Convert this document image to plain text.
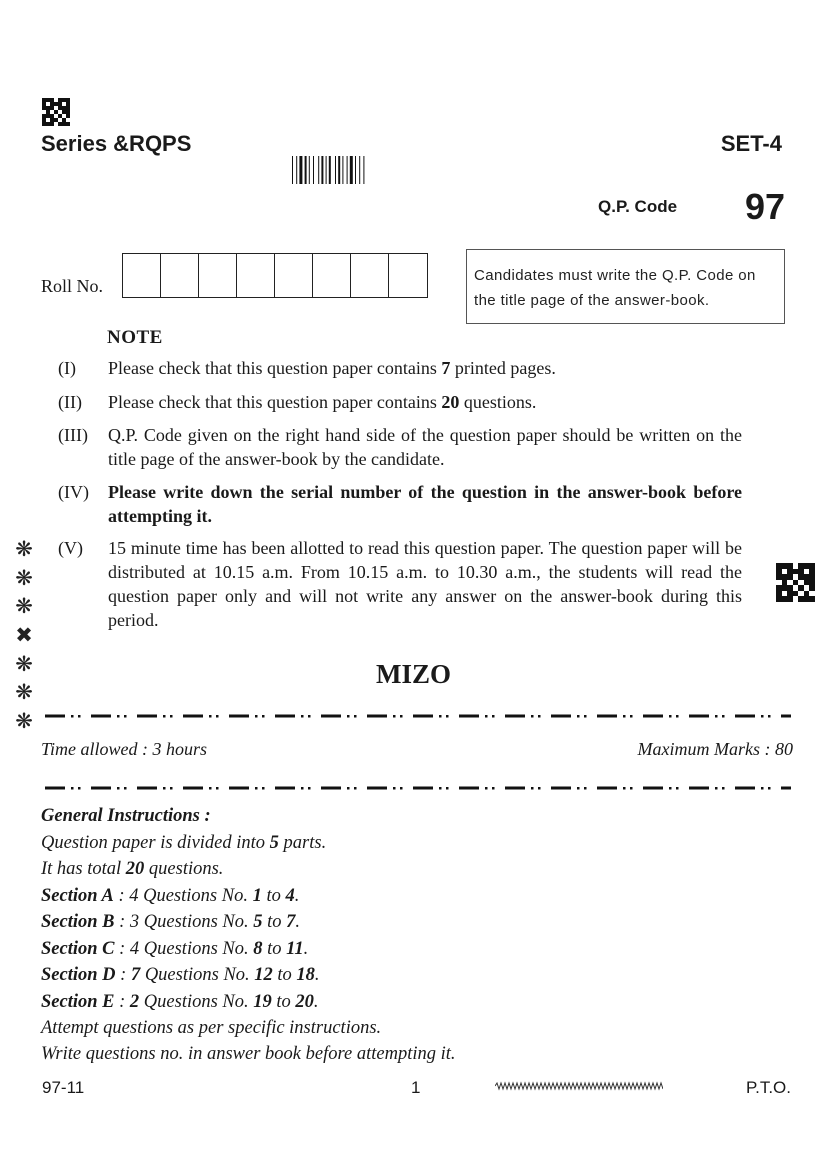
Series &RQPS	SET-4
Q.P. Code 97
Roll No.
Candidates must write the Q.P. Code on the title page of the answer-book.
NOTE
(I) Please check that this question paper contains 7 printed pages.
(II) Please check that this question paper contains 20 questions.
(III) Q.P. Code given on the right hand side of the question paper should be written on the title page of the answer-book by the candidate.
(IV) Please write down the serial number of the question in the answer-book before attempting it.
(V) 15 minute time has been allotted to read this question paper. The question paper will be distributed at 10.15 a.m. From 10.15 a.m. to 10.30 a.m., the students will read the question paper only and will not write any answer on the answer-book during this period.
❋
❋
❋
✖
❋
❋
❋
MIZO
Time allowed : 3 hours	Maximum Marks : 80
General Instructions :
Question paper is divided into 5 parts.
It has total 20 questions.
Section A : 4 Questions No. 1 to 4.
Section B : 3 Questions No. 5 to 7.
Section C : 4 Questions No. 8 to 11.
Section D : 7 Questions No. 12 to 18.
Section E : 2 Questions No. 19 to 20.
Attempt questions as per specific instructions.
Write questions no. in answer book before attempting it.
97-11	1	P.T.O.
